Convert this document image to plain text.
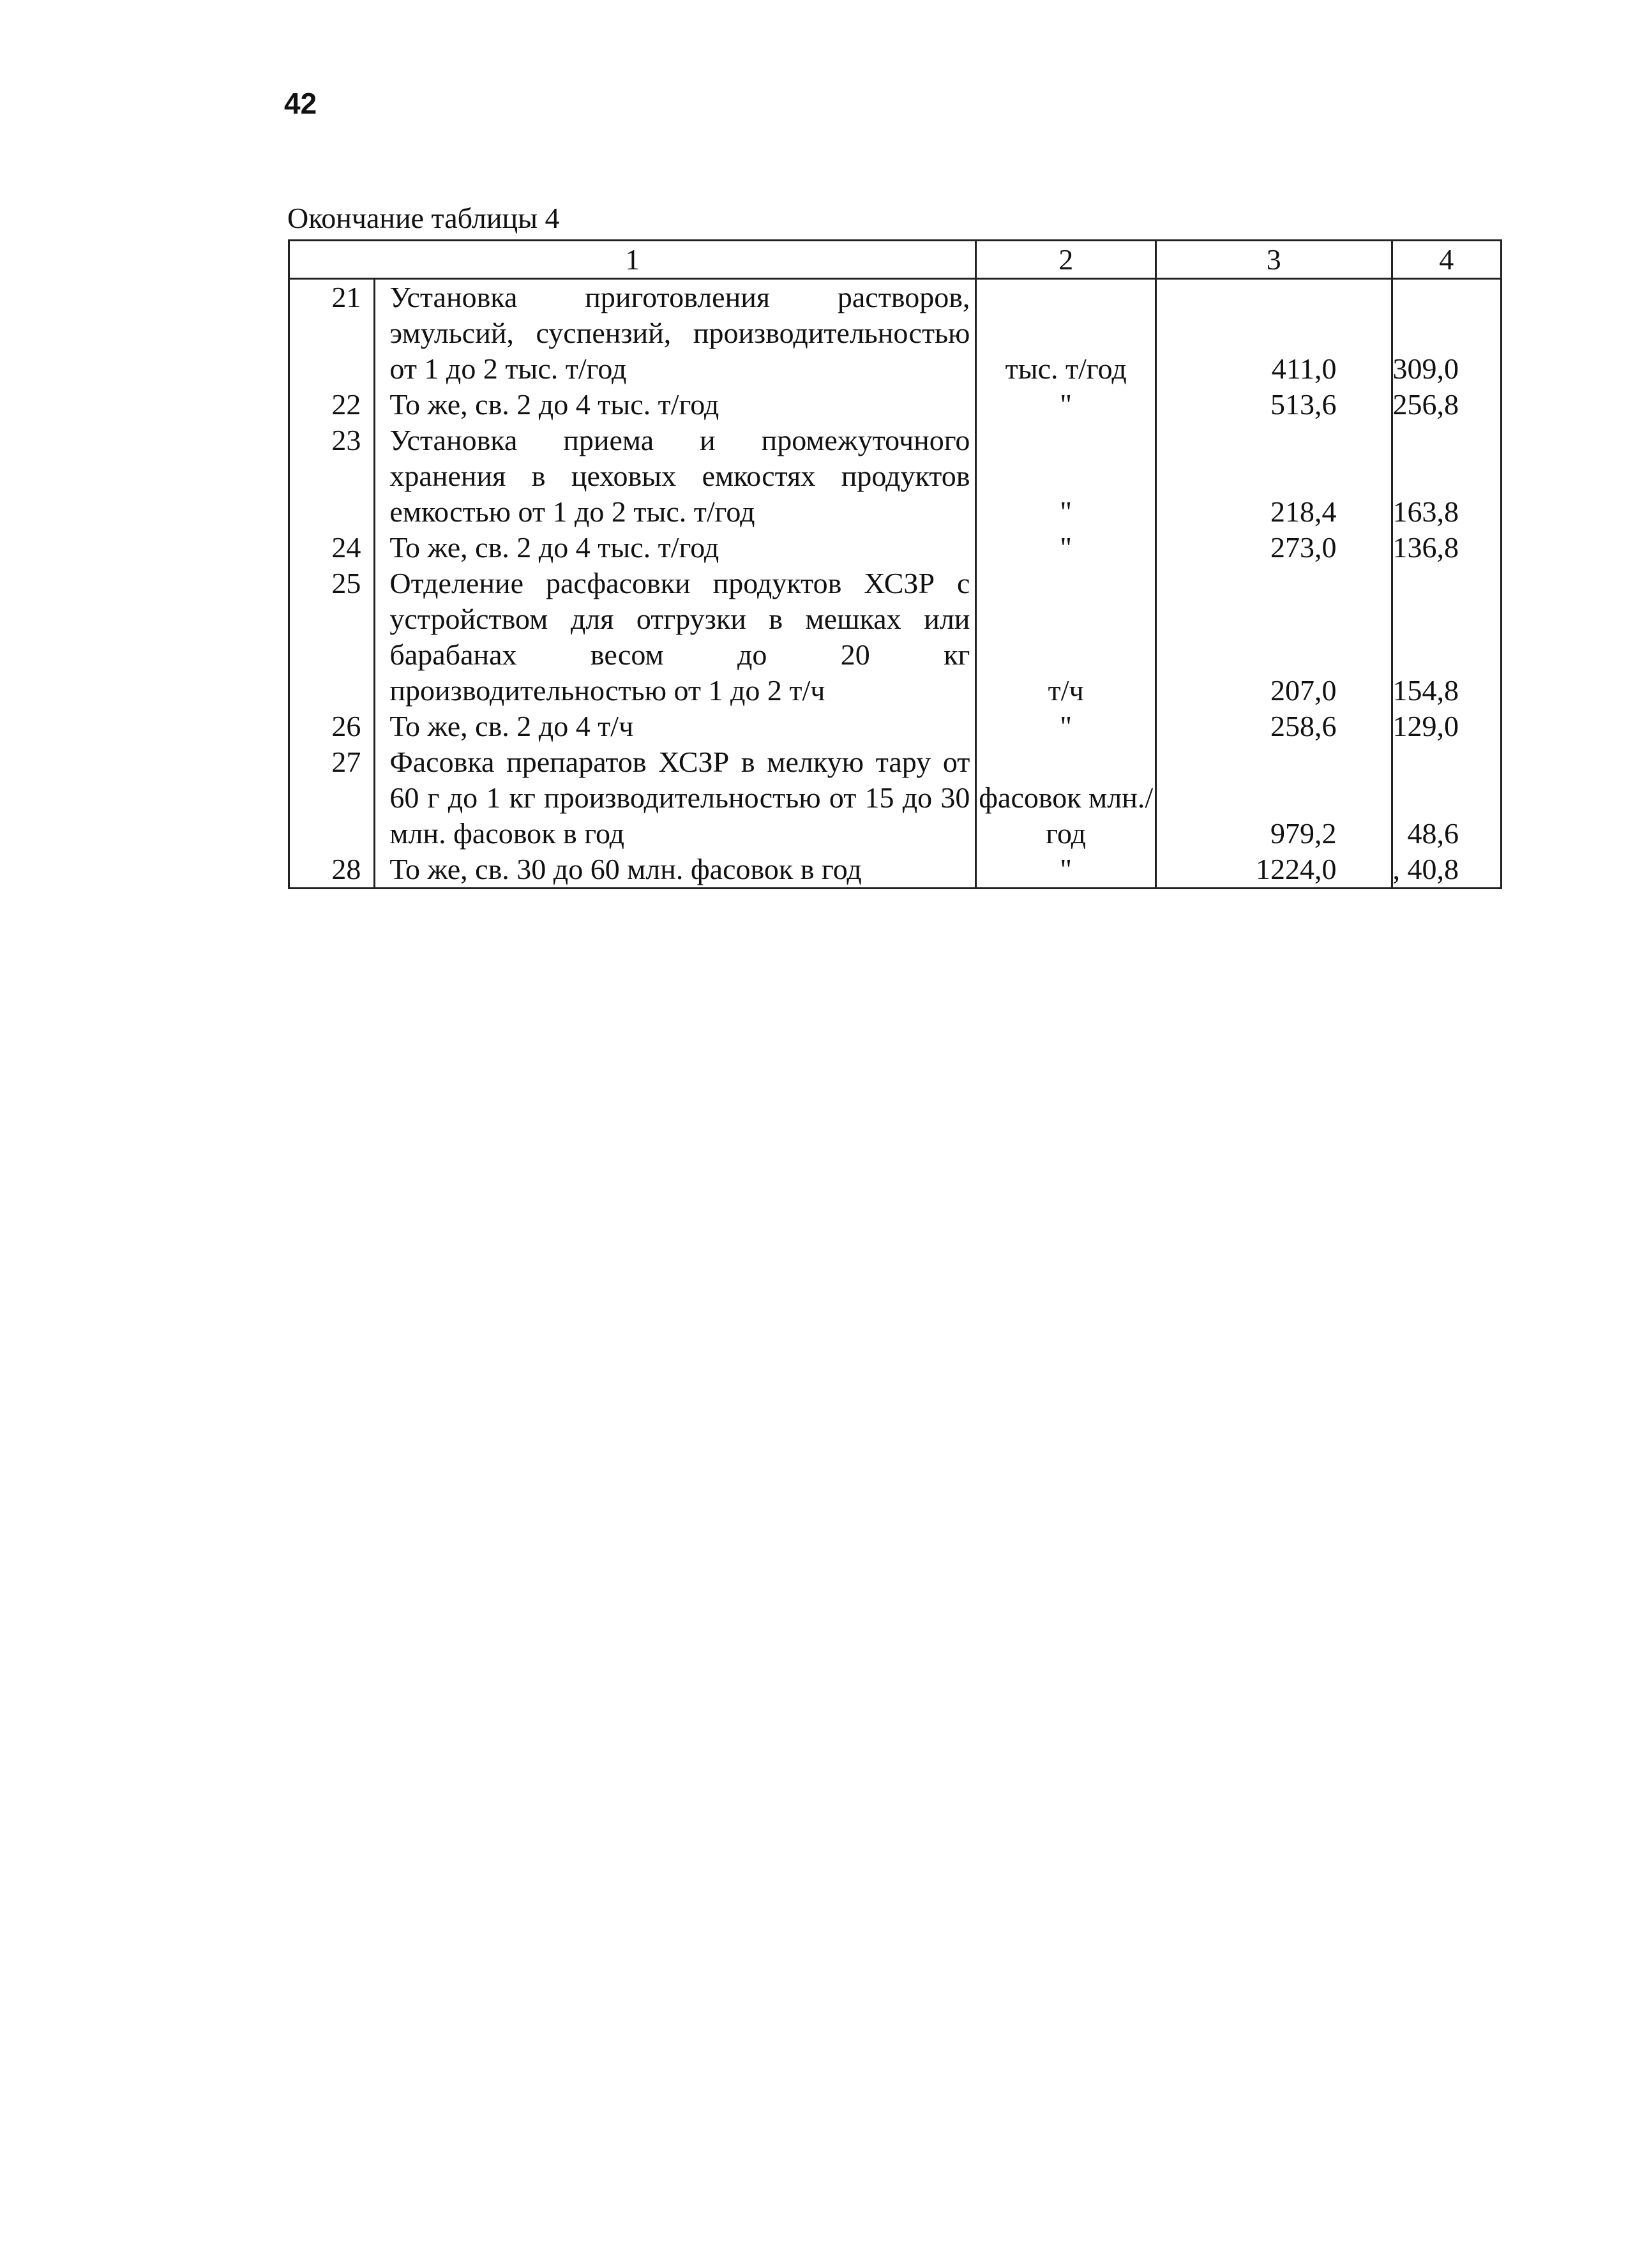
42
Окончание таблицы 4
1		2	3	4
21	Установка приготовления растворов, эмульсий, суспензий, производительностью от 1 до 2 тыс. т/год	тыс. т/год	411,0	309,0
22	То же, св. 2 до 4 тыс. т/год	"	513,6	256,8
23	Установка приема и промежуточного хранения в цеховых емкостях продуктов емкостью от 1 до 2 тыс. т/год	"	218,4	163,8
24	То же, св. 2 до 4 тыс. т/год	"	273,0	136,8
25	Отделение расфасовки продуктов ХСЗР с устройством для отгрузки в мешках или барабанах весом до 20 кг производительностью от 1 до 2 т/ч	т/ч	207,0	154,8
26	То же, св. 2 до 4 т/ч	"	258,6	129,0
27	Фасовка препаратов ХСЗР в мелкую тару от 60 г до 1 кг производительностью от 15 до 30 млн. фасовок в год	фасовок млн./год	979,2	48,6
28	То же, св. 30 до 60 млн. фасовок в год	"	1224,0	, 40,8
